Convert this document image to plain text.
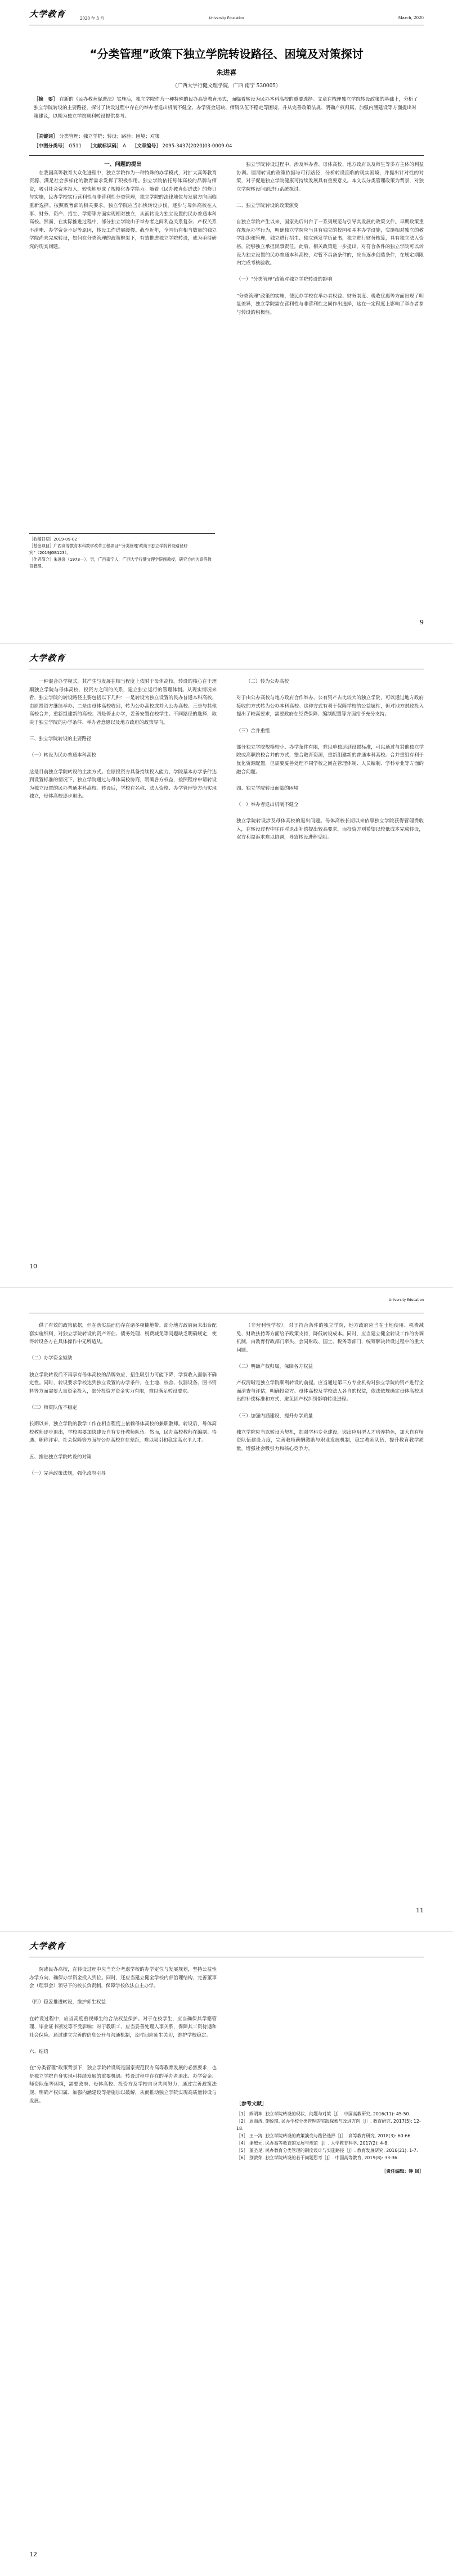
大学教育	University Education
2020 年 3 月	March, 2020
“分类管理”政策下独立学院转设路径、困境及对策探讨
朱进喜
（广西大学行健文理学院，广西 南宁 530005）
［摘　要］ 在新的《民办教育促进法》实施后，独立学院作为一种特殊的民办高等教育形式，面临着转设为民办本科高校的重要选择。文章在梳理独立学院转设政策的基础上，分析了独立学院转设的主要路径，探讨了转设过程中存在的举办者退出机制不健全、办学资金短缺、师资队伍不稳定等困境，并从完善政策法规、明确产权归属、加强内涵建设等方面提出对策建议，以期为独立学院顺利转设提供参考。
［关键词］ 分类管理；独立学院；转设；路径；困境；对策
［中图分类号］ G511 ［文献标识码］ A ［文章编号］ 2095-3437(2020)03-0009-04

一、问题的提出

在我国高等教育大众化进程中，独立学院作为一种特殊的办学模式，对扩大高等教育资源、满足社会多样化的教育需求发挥了积极作用。独立学院依托母体高校的品牌与师资，吸引社会资本投入，较快地形成了规模化办学能力。随着《民办教育促进法》的修订与实施，民办学校实行营利性与非营利性分类管理，独立学院的法律地位与发展方向面临重新选择。按照教育部的相关要求，独立学院应当加快转设步伐，逐步与母体高校在人事、财务、资产、招生、学籍等方面实现相对独立，从而转设为独立设置的民办普通本科高校。然而，在实际推进过程中，部分独立学院由于举办者之间利益关系复杂、产权关系不清晰、办学资金不足等原因，转设工作进展缓慢。截至近年，全国仍有相当数量的独立学院尚未完成转设，如何在分类管理的政策框架下，有效推进独立学院转设，成为亟待研究的现实问题。

独立学院转设过程中，涉及举办者、母体高校、地方政府以及师生等多方主体的利益协调。厘清转设的政策依据与可行路径，分析转设面临的现实困境，并提出针对性的对策，对于促进独立学院健康可持续发展具有重要意义。本文以分类管理政策为背景，对独立学院转设问题进行系统探讨。

二、独立学院转设的政策演变

自独立学院产生以来，国家先后出台了一系列规范与引导其发展的政策文件。早期政策重在规范办学行为，明确独立学院应当具有独立的校园和基本办学设施，实施相对独立的教学组织和管理，独立进行招生、独立颁发学历证书，独立进行财务核算，具有独立法人资格，能够独立承担民事责任。此后，相关政策进一步提出，对符合条件的独立学院可以转设为独立设置的民办普通本科高校，对暂不具备条件的，应当逐步创造条件，在规定期限内完成考核验收。

（一）“分类管理”政策对独立学院转设的影响

“分类管理”政策的实施，使民办学校在举办者权益、财务制度、税收优惠等方面出现了明显差异，独立学院需在营利性与非营利性之间作出选择，这在一定程度上影响了举办者参与转设的积极性。

［收稿日期］2019-09-02
［基金项目］广西高等教育本科教学改革工程项目“‘分类管理’政策下独立学院转设路径研究”（2019JGB123）。
［作者简介］朱进喜（1973—），男，广西南宁人，广西大学行健文理学院副教授，研究方向为高等教育管理。
9
大学教育

一种混合办学模式，其产生与发展在相当程度上依附于母体高校。转设的核心在于理顺独立学院与母体高校、投资方之间的关系，建立独立运行的管理体制。从现实情况来看，独立学院的转设路径主要包括以下几种：一是转设为独立设置的民办普通本科高校，由原投资方继续举办；二是由母体高校收回，转为公办高校或并入公办高校；三是与其他高校合并，重新组建新的高校；四是停止办学，妥善安置在校学生。不同路径的选择，取决于独立学院的办学条件、举办者意愿以及地方政府的政策导向。

三、独立学院转设的主要路径

（一）转设为民办普通本科高校

这是目前独立学院转设的主流方式。在原投资方具备持续投入能力、学院基本办学条件达到设置标准的情况下，独立学院通过与母体高校协商，明确各方权益，按照程序申请转设为独立设置的民办普通本科高校。转设后，学校在名称、法人资格、办学管理等方面实现独立，母体高校逐步退出。

（二）转为公办高校

对于由公办高校与地方政府合作举办、公有资产占比较大的独立学院，可以通过地方政府接收的方式转为公办本科高校。这种方式有利于保障学校的公益属性，但对地方财政投入提出了较高要求，需要政府在经费保障、编制配置等方面给予充分支持。

（三）合并重组

部分独立学院规模较小、办学条件有限，难以单独达到设置标准，可以通过与其他独立学院或高职院校合并的方式，整合教育资源，重新组建新的普通本科高校。合并重组有利于优化资源配置，但需要妥善处理不同学校之间在管理体制、人员编制、学科专业等方面的融合问题。

四、独立学院转设面临的困境

（一）举办者退出机制不健全

独立学院转设涉及母体高校的退出问题。母体高校长期以来依靠独立学院获得管理费收入，在转设过程中往往对退出补偿提出较高要求，而投资方则希望以较低成本完成转设，双方利益诉求难以协调，导致转设进程受阻。

10
University Education

供了有效的政策依据，但在落实层面仍存在诸多模糊地带。部分地方政府尚未出台配套实施细则，对独立学院转设的资产评估、债务处理、税费减免等问题缺乏明确规定，使得转设各方在具体操作中无所适从。

（二）办学资金短缺

独立学院转设后不再享有母体高校的品牌效应，招生吸引力可能下降，学费收入面临不确定性。同时，转设要求学校达到独立设置的办学条件，在土地、校舍、仪器设备、图书资料等方面需要大量资金投入，部分投资方资金实力有限，难以满足转设要求。

（三）师资队伍不稳定

长期以来，独立学院的教学工作在相当程度上依赖母体高校的兼职教师。转设后，母体高校教师逐步退出，学校需要加快建设自有专任教师队伍。然而，民办高校教师在编制、待遇、职称评审、社会保障等方面与公办高校存在差距，难以吸引和稳定高水平人才。

五、推进独立学院转设的对策

（一）完善政策法规，强化政府引导

（非营利性学校）。对于符合条件的独立学院，地方政府应当在土地使用、税费减免、财政扶持等方面给予政策支持，降低转设成本。同时，应当建立健全转设工作的协调机制，由教育行政部门牵头，会同财政、国土、税务等部门，统筹解决转设过程中的重大问题。

（二）明确产权归属，保障各方权益

产权清晰是独立学院顺利转设的前提。应当通过第三方专业机构对独立学院的资产进行全面清查与评估，明确投资方、母体高校及学校法人各自的权益，依法依规确定母体高校退出的补偿标准和方式，避免因产权纠纷影响转设进程。

（三）加强内涵建设，提升办学质量

独立学院应当以转设为契机，加强学科专业建设，突出应用型人才培养特色，加大自有师资队伍建设力度，完善教师薪酬激励与职业发展机制，稳定教师队伍，提升教育教学质量，增强社会吸引力和核心竞争力。

11
大学教育

院或民办高校，在转设过程中应当充分考虑学校的办学定位与发展规划，坚持公益性办学方向，确保办学资金投入到位。同时，还应当建立健全学校内部治理结构，完善董事会（理事会）领导下的校长负责制，保障学校依法自主办学。

（四）稳妥推进转设，维护师生权益

在转设过程中，应当高度重视师生的合法权益保护。对于在校学生，应当确保其学籍管理、毕业证书颁发等不受影响；对于教职工，应当妥善处理人事关系，保障其工资待遇和社会保险。通过建立完善的信息公开与沟通机制，及时回应师生关切，维护学校稳定。

六、结语

在“分类管理”政策背景下，独立学院转设既是国家规范民办高等教育发展的必然要求，也是独立学院自身实现可持续发展的重要机遇。转设过程中存在的举办者退出、办学资金、师资队伍等困境，需要政府、母体高校、投资方及学校自身共同努力，通过完善政策法规、明确产权归属、加强内涵建设等措施加以破解，从而推动独立学院实现高质量转设与发展。

［参考文献］
［1］ 阙明坤. 独立学院转设的现状、问题与对策［J］. 中国高教研究, 2016(11): 45-50.
［2］ 周海涛, 施悦琪. 民办学校分类管理的实践探索与改进方向［J］. 教育研究, 2017(5): 12-18.
［3］ 王一涛. 独立学院转设的政策演变与路径选择［J］. 高等教育研究, 2018(3): 60-66.
［4］ 潘懋元. 民办高等教育的发展与规范［J］. 大学教育科学, 2017(2): 4-8.
［5］ 董圣足. 民办教育分类管理的制度设计与实施路径［J］. 教育发展研究, 2016(21): 1-7.
［6］ 别敦荣. 独立学院转设的若干问题思考［J］. 中国高等教育, 2019(8): 33-36.
［责任编辑：钟 岚］
12
